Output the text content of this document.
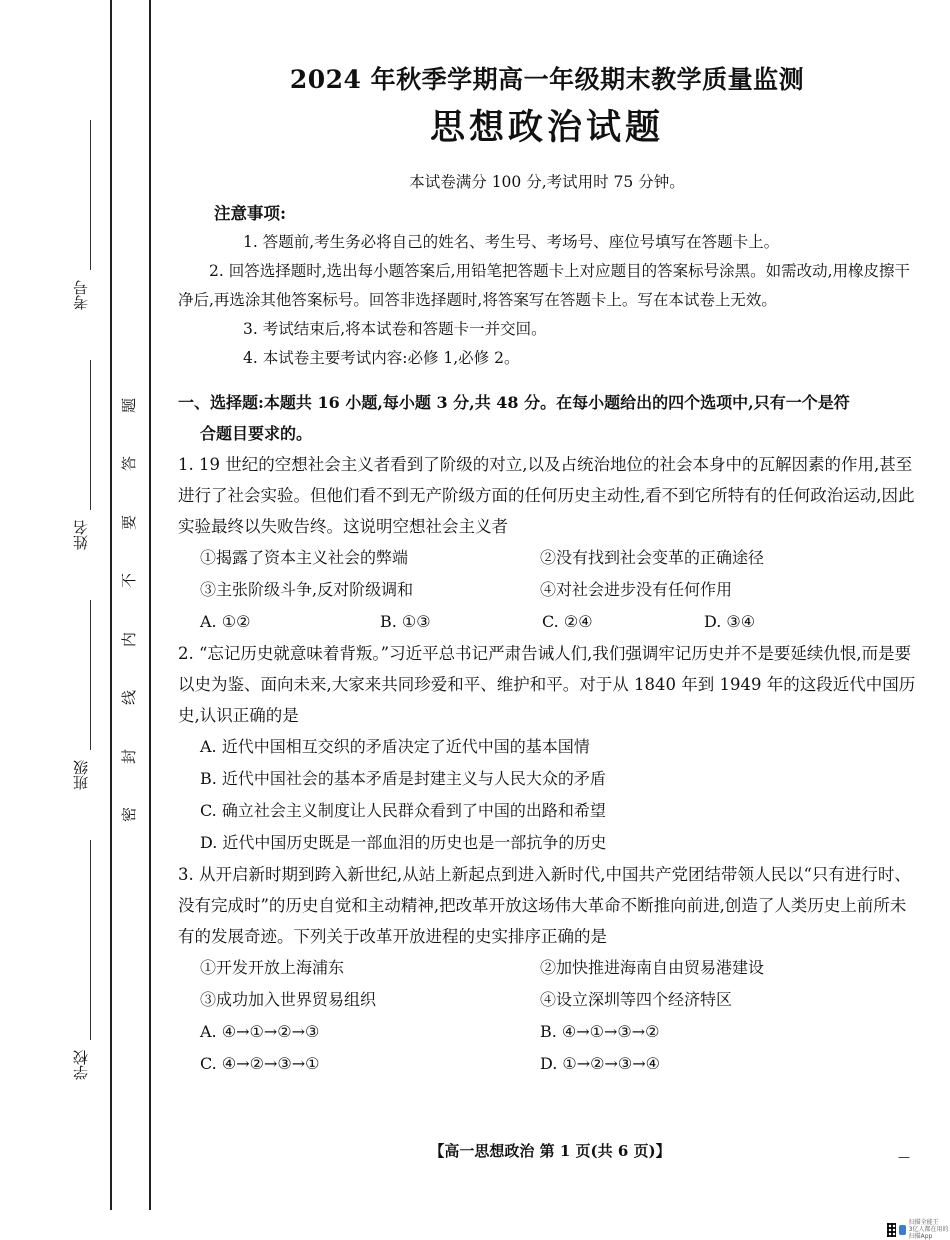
考号
姓名
班级
学校
题
答
要
不
内
线
封
密
2024 年秋季学期高一年级期末教学质量监测
思想政治试题
本试卷满分 100 分,考试用时 75 分钟。
注意事项:

1. 答题前,考生务必将自己的姓名、考生号、考场号、座位号填写在答题卡上。

2. 回答选择题时,选出每小题答案后,用铅笔把答题卡上对应题目的答案标号涂黑。如需改动,用橡皮擦干净后,再选涂其他答案标号。回答非选择题时,将答案写在答题卡上。写在本试卷上无效。

3. 考试结束后,将本试卷和答题卡一并交回。

4. 本试卷主要考试内容:必修 1,必修 2。

一、选择题:本题共 16 小题,每小题 3 分,共 48 分。在每小题给出的四个选项中,只有一个是符
合题目要求的。
1. 19 世纪的空想社会主义者看到了阶级的对立,以及占统治地位的社会本身中的瓦解因素的作用,甚至进行了社会实验。但他们看不到无产阶级方面的任何历史主动性,看不到它所特有的任何政治运动,因此实验最终以失败告终。这说明空想社会主义者
①揭露了资本主义社会的弊端	②没有找到社会变革的正确途径
③主张阶级斗争,反对阶级调和	④对社会进步没有任何作用
A. ①②	B. ①③	C. ②④	D. ③④
2. “忘记历史就意味着背叛。”习近平总书记严肃告诫人们,我们强调牢记历史并不是要延续仇恨,而是要以史为鉴、面向未来,大家来共同珍爱和平、维护和平。对于从 1840 年到 1949 年的这段近代中国历史,认识正确的是
A. 近代中国相互交织的矛盾决定了近代中国的基本国情
B. 近代中国社会的基本矛盾是封建主义与人民大众的矛盾
C. 确立社会主义制度让人民群众看到了中国的出路和希望
D. 近代中国历史既是一部血泪的历史也是一部抗争的历史
3. 从开启新时期到跨入新世纪,从站上新起点到进入新时代,中国共产党团结带领人民以“只有进行时、没有完成时”的历史自觉和主动精神,把改革开放这场伟大革命不断推向前进,创造了人类历史上前所未有的发展奇迹。下列关于改革开放进程的史实排序正确的是
①开发开放上海浦东	②加快推进海南自由贸易港建设
③成功加入世界贸易组织	④设立深圳等四个经济特区
A. ④→①→②→③	B. ④→①→③→②
C. ④→②→③→①	D. ①→②→③→④
【高一思想政治 第 1 页(共 6 页)】	—
扫描全能王
3亿人都在用的扫描App
